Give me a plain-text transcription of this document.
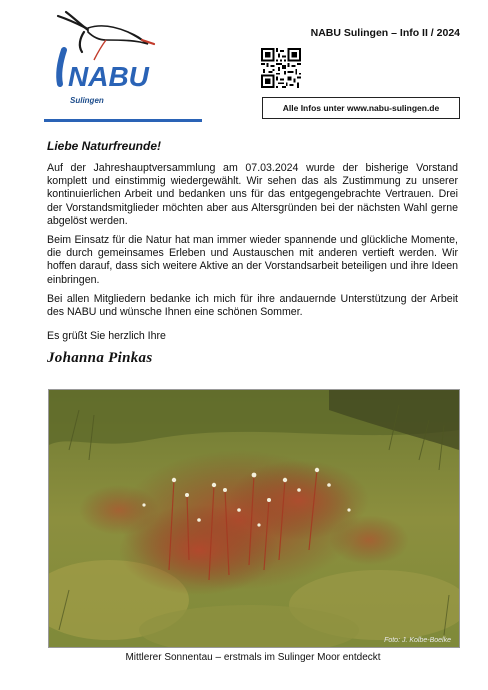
NABU
Sulingen
NABU Sulingen – Info II / 2024
Alle Infos unter www.nabu-sulingen.de
Liebe Naturfreunde!

Auf der Jahreshauptversammlung am 07.03.2024 wurde der bisherige Vorstand komplett und einstimmig wiedergewählt. Wir sehen das als Zustimmung zu unserer kontinuierlichen Arbeit und bedanken uns für das entgegengebrachte Vertrauen. Drei der Vorstandsmitglieder möchten aber aus Altersgründen bei der nächsten Wahl gerne abgelöst werden.

Beim Einsatz für die Natur hat man immer wieder spannende und glückliche Momente, die durch gemeinsames Erleben und Austauschen mit anderen vertieft werden. Wir hoffen darauf, dass sich weitere Aktive an der Vorstandsarbeit beteiligen und ihre Ideen einbringen.

Bei allen Mitgliedern bedanke ich mich für ihre andauernde Unterstützung der Arbeit des NABU und wünsche Ihnen eine schönen Sommer.

Es grüßt Sie herzlich Ihre
Johanna Pinkas
Foto: J. Kolbe-Boelke
Mittlerer Sonnentau – erstmals im Sulinger Moor entdeckt
